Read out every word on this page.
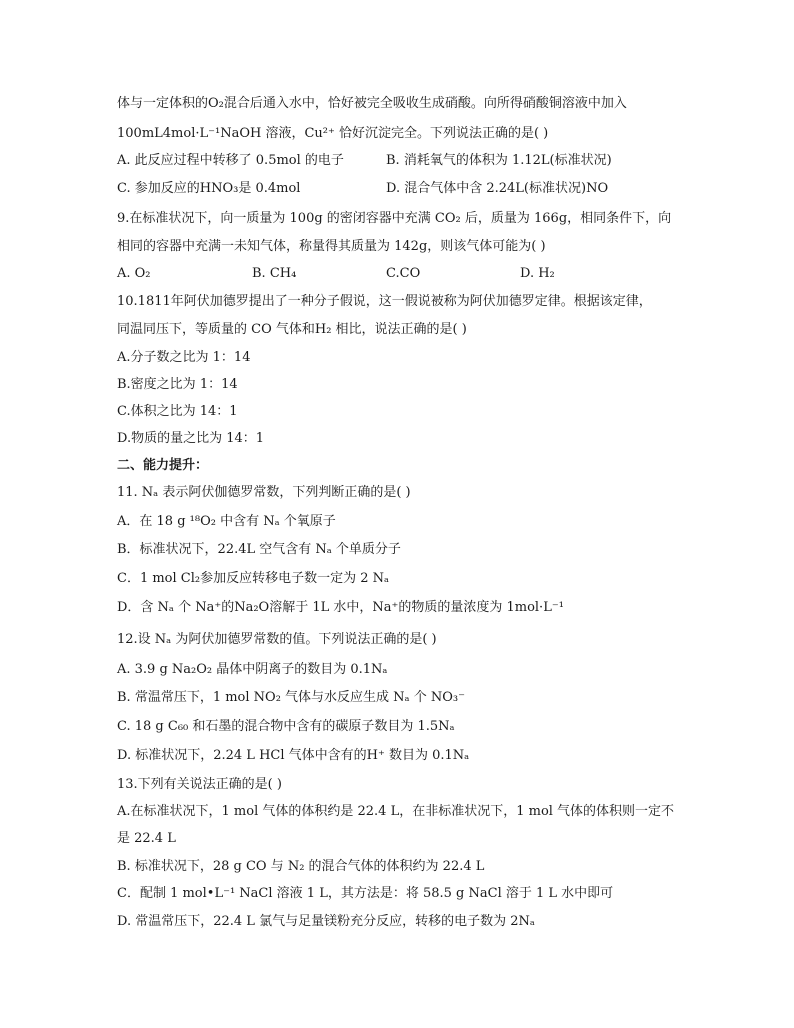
体与一定体积的O₂混合后通入水中，恰好被完全吸收生成硝酸。向所得硝酸铜溶液中加入
100mL4mol·L⁻¹NaOH 溶液，Cu²⁺ 恰好沉淀完全。下列说法正确的是( )
A. 此反应过程中转移了 0.5mol 的电子	B. 消耗氧气的体积为 1.12L(标准状况)
C. 参加反应的HNO₃是 0.4mol	D. 混合气体中含 2.24L(标准状况)NO
9.在标准状况下，向一质量为 100g 的密闭容器中充满 CO₂ 后，质量为 166g，相同条件下，向
相同的容器中充满一未知气体，称量得其质量为 142g，则该气体可能为( )
A. O₂	B. CH₄	C.CO	D. H₂
10.1811年阿伏加德罗提出了一种分子假说，这一假说被称为阿伏加德罗定律。根据该定律，
同温同压下，等质量的 CO 气体和H₂ 相比，说法正确的是( )
A.分子数之比为 1：14
B.密度之比为 1：14
C.体积之比为 14：1
D.物质的量之比为 14：1
二、能力提升：
11. Nₐ 表示阿伏伽德罗常数，下列判断正确的是( )
A．在 18 g ¹⁸O₂ 中含有 Nₐ 个氧原子
B．标准状况下，22.4L 空气含有 Nₐ 个单质分子
C．1 mol Cl₂参加反应转移电子数一定为 2 Nₐ
D．含 Nₐ 个 Na⁺的Na₂O溶解于 1L 水中，Na⁺的物质的量浓度为 1mol·L⁻¹
12.设 Nₐ 为阿伏加德罗常数的值。下列说法正确的是( )
A. 3.9 g Na₂O₂ 晶体中阴离子的数目为 0.1Nₐ
B. 常温常压下，1 mol NO₂ 气体与水反应生成 Nₐ 个 NO₃⁻
C. 18 g C₆₀ 和石墨的混合物中含有的碳原子数目为 1.5Nₐ
D. 标准状况下，2.24 L HCl 气体中含有的H⁺ 数目为 0.1Nₐ
13.下列有关说法正确的是( )
A.在标准状况下，1 mol 气体的体积约是 22.4 L，在非标准状况下，1 mol 气体的体积则一定不
是 22.4 L
B. 标准状况下，28 g CO 与 N₂ 的混合气体的体积约为 22.4 L
C．配制 1 mol•L⁻¹ NaCl 溶液 1 L，其方法是：将 58.5 g NaCl 溶于 1 L 水中即可
D. 常温常压下，22.4 L 氯气与足量镁粉充分反应，转移的电子数为 2Nₐ
